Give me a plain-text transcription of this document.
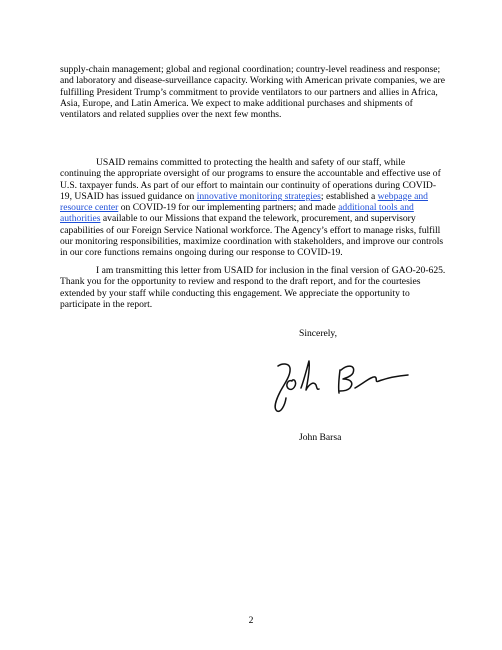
supply-chain management; global and regional coordination; country-level readiness and response; and laboratory and disease-surveillance capacity. Working with American private companies, we are fulfilling President Trump’s commitment to provide ventilators to our partners and allies in Africa, Asia, Europe, and Latin America. We expect to make additional purchases and shipments of ventilators and related supplies over the next few months.

USAID remains committed to protecting the health and safety of our staff, while continuing the appropriate oversight of our programs to ensure the accountable and effective use of U.S. taxpayer funds. As part of our effort to maintain our continuity of operations during COVID-19, USAID has issued guidance on innovative monitoring strategies; established a webpage and resource center on COVID-19 for our implementing partners; and made additional tools and authorities available to our Missions that expand the telework, procurement, and supervisory capabilities of our Foreign Service National workforce. The Agency’s effort to manage risks, fulfill our monitoring responsibilities, maximize coordination with stakeholders, and improve our controls in our core functions remains ongoing during our response to COVID-19.

I am transmitting this letter from USAID for inclusion in the final version of GAO-20-625. Thank you for the opportunity to review and respond to the draft report, and for the courtesies extended by your staff while conducting this engagement. We appreciate the opportunity to participate in the report.

Sincerely,

John Barsa

2
